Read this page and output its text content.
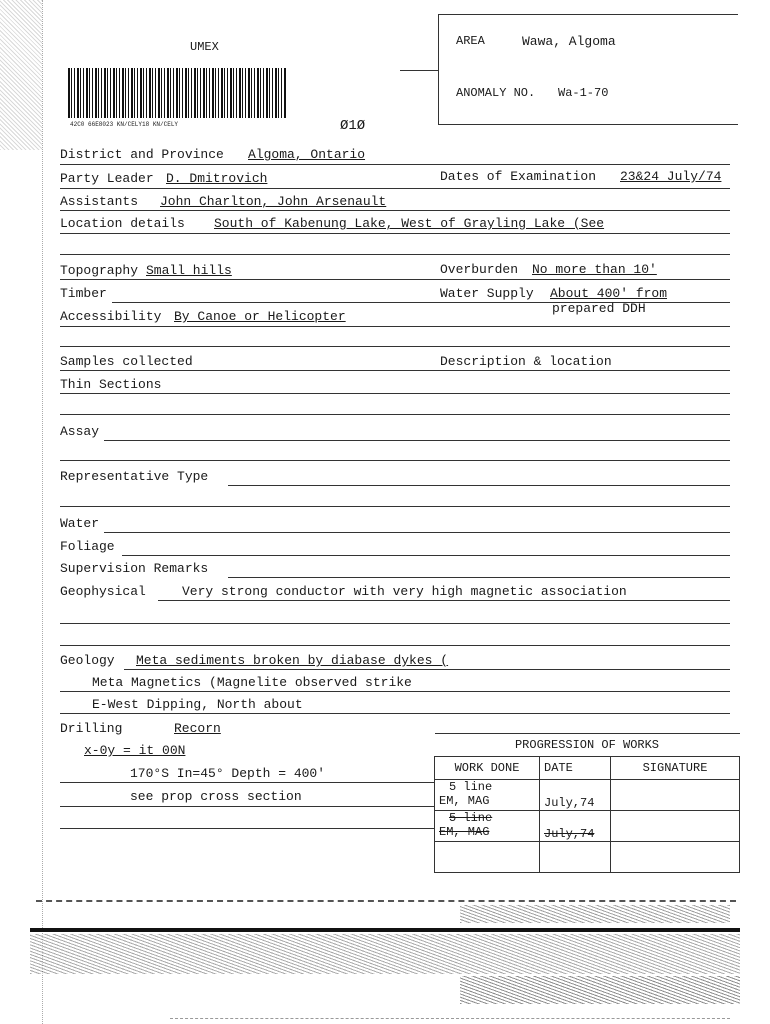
UMEX
42C0 66E8023 KN/CELY18 KN/CELY	Ø1Ø
AREA	Wawa, Algoma
ANOMALY NO. Wa-1-70
District and Province Algoma, Ontario
Party Leader D. Dmitrovich	Dates of Examination 23&24 July/74
Assistants John Charlton, John Arsenault
Location details South of Kabenung Lake, West of Grayling Lake (See
Topography Small hills	Overburden No more than 10'
Timber	Water Supply About 400' from
prepared DDH
Accessibility By Canoe or Helicopter
Samples collected	Description & location
Thin Sections
Assay
Representative Type
Water
Foliage
Supervision Remarks
Geophysical	Very strong conductor with very high magnetic association
Geology Meta sediments broken by diabase dykes (
Meta Magnetics (Magnelite observed strike
E-West Dipping, North about
Drilling	Recorn
x-0y = it 00N
170°S In=45° Depth = 400'
see prop cross section
PROGRESSION OF WORKS		
WORK DONE	DATE	SIGNATURE

5 line
EM, MAG	July,74	

5 line
EM, MAG	July,74	
